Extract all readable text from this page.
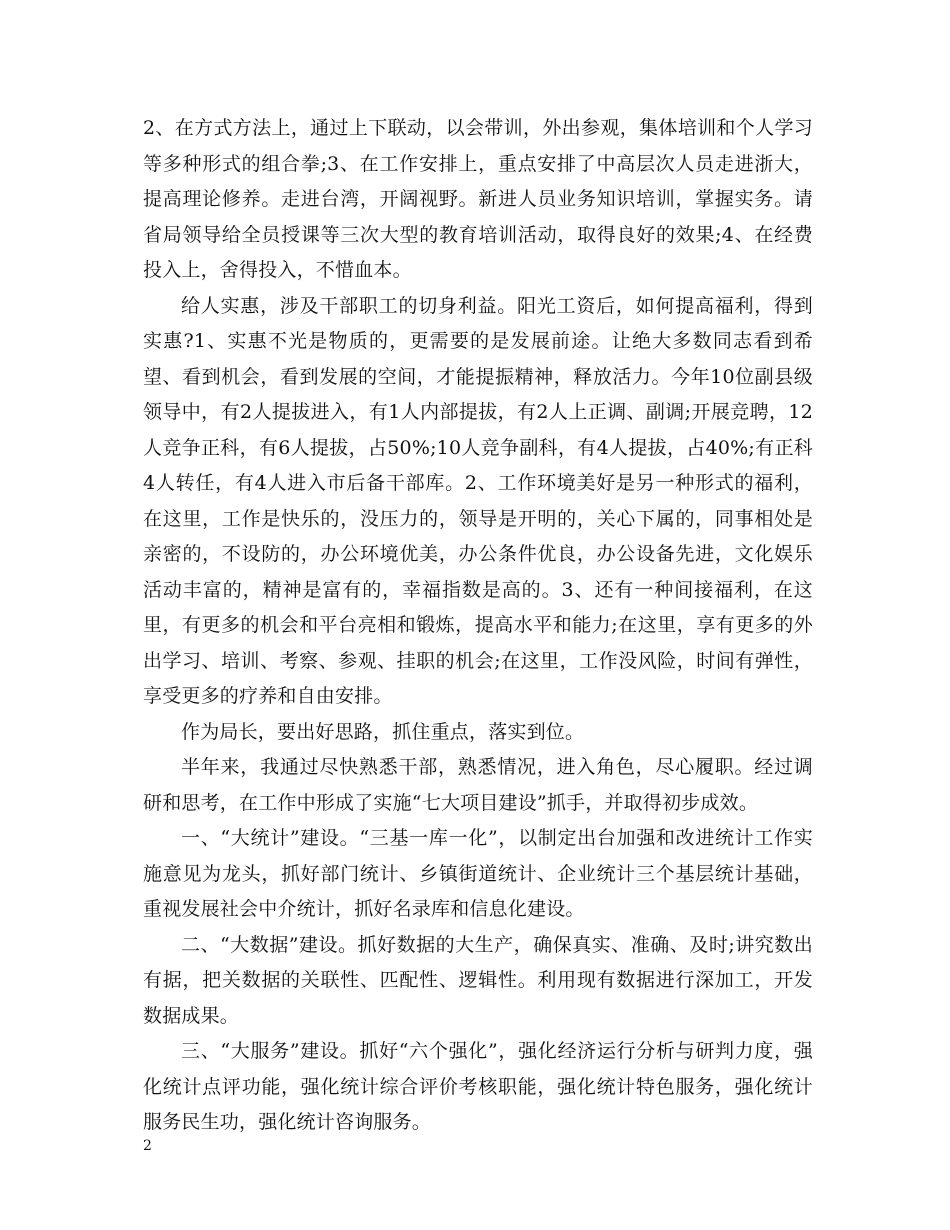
2、在方式方法上，通过上下联动，以会带训，外出参观，集体培训和个人学习等多种形式的组合拳;3、在工作安排上，重点安排了中高层次人员走进浙大，提高理论修养。走进台湾，开阔视野。新进人员业务知识培训，掌握实务。请省局领导给全员授课等三次大型的教育培训活动，取得良好的效果;4、在经费投入上，舍得投入，不惜血本。

给人实惠，涉及干部职工的切身利益。阳光工资后，如何提高福利，得到实惠?1、实惠不光是物质的，更需要的是发展前途。让绝大多数同志看到希望、看到机会，看到发展的空间，才能提振精神，释放活力。今年10位副县级领导中，有2人提拔进入，有1人内部提拔，有2人上正调、副调;开展竞聘，12人竞争正科，有6人提拔，占50%;10人竞争副科，有4人提拔，占40%;有正科4人转任，有4人进入市后备干部库。2、工作环境美好是另一种形式的福利，在这里，工作是快乐的，没压力的，领导是开明的，关心下属的，同事相处是亲密的，不设防的，办公环境优美，办公条件优良，办公设备先进，文化娱乐活动丰富的，精神是富有的，幸福指数是高的。3、还有一种间接福利，在这里，有更多的机会和平台亮相和锻炼，提高水平和能力;在这里，享有更多的外出学习、培训、考察、参观、挂职的机会;在这里，工作没风险，时间有弹性，享受更多的疗养和自由安排。

作为局长，要出好思路，抓住重点，落实到位。

半年来，我通过尽快熟悉干部，熟悉情况，进入角色，尽心履职。经过调研和思考，在工作中形成了实施“七大项目建设”抓手，并取得初步成效。

一、“大统计”建设。“三基一库一化”，以制定出台加强和改进统计工作实施意见为龙头，抓好部门统计、乡镇街道统计、企业统计三个基层统计基础，重视发展社会中介统计，抓好名录库和信息化建设。

二、“大数据”建设。抓好数据的大生产，确保真实、准确、及时;讲究数出有据，把关数据的关联性、匹配性、逻辑性。利用现有数据进行深加工，开发数据成果。

三、“大服务”建设。抓好“六个强化”，强化经济运行分析与研判力度，强化统计点评功能，强化统计综合评价考核职能，强化统计特色服务，强化统计服务民生功，强化统计咨询服务。

2
